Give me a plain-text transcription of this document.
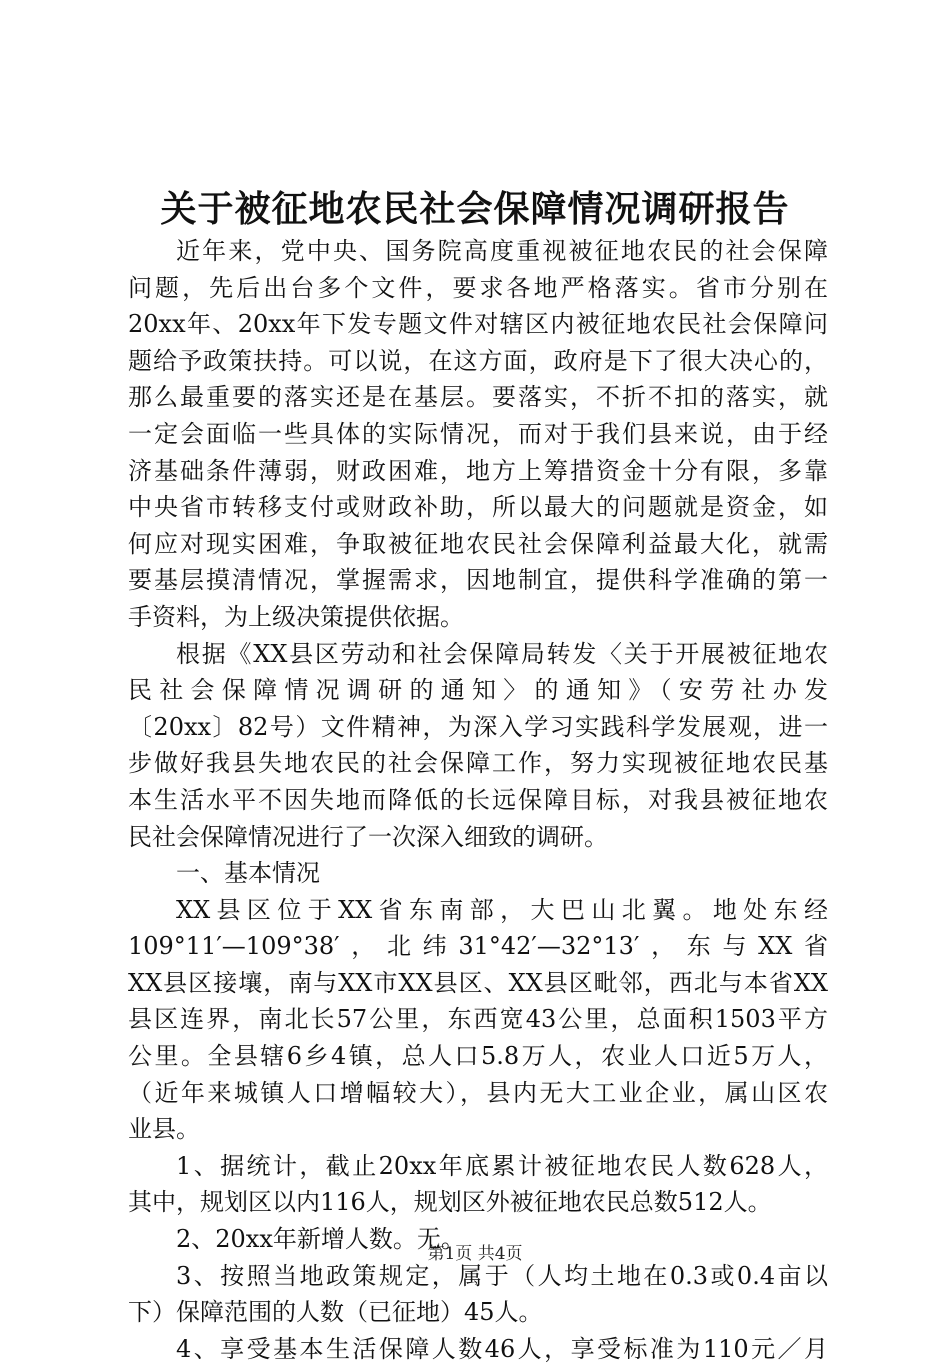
关于被征地农民社会保障情况调研报告
近年来，党中央、国务院高度重视被征地农民的社会保障
问题，先后出台多个文件，要求各地严格落实。省市分别在
20xx年、20xx年下发专题文件对辖区内被征地农民社会保障问
题给予政策扶持。可以说，在这方面，政府是下了很大决心的，
那么最重要的落实还是在基层。要落实，不折不扣的落实，就
一定会面临一些具体的实际情况，而对于我们县来说，由于经
济基础条件薄弱，财政困难，地方上筹措资金十分有限，多靠
中央省市转移支付或财政补助，所以最大的问题就是资金，如
何应对现实困难，争取被征地农民社会保障利益最大化，就需
要基层摸清情况，掌握需求，因地制宜，提供科学准确的第一
手资料，为上级决策提供依据。
根据《XX县区劳动和社会保障局转发〈关于开展被征地农
民社会保障情况调研的通知〉的通知》（安劳社办发
〔20xx〕82号）文件精神，为深入学习实践科学发展观，进一
步做好我县失地农民的社会保障工作，努力实现被征地农民基
本生活水平不因失地而降低的长远保障目标，对我县被征地农
民社会保障情况进行了一次深入细致的调研。
一、基本情况
XX县区位于XX省东南部，大巴山北翼。地处东经
109°11′—109°38′，北纬31°42′—32°13′，东与XX省
XX县区接壤，南与XX市XX县区、XX县区毗邻，西北与本省XX
县区连界，南北长57公里，东西宽43公里，总面积1503平方
公里。全县辖6乡4镇，总人口5.8万人，农业人口近5万人，
（近年来城镇人口增幅较大），县内无大工业企业，属山区农
业县。
1、据统计，截止20xx年底累计被征地农民人数628人，
其中，规划区以内116人，规划区外被征地农民总数512人。
2、20xx年新增人数。无。
3、按照当地政策规定，属于（人均土地在0.3或0.4亩以
下）保障范围的人数（已征地）45人。
4、享受基本生活保障人数46人，享受标准为110元／月
第1页 共4页
